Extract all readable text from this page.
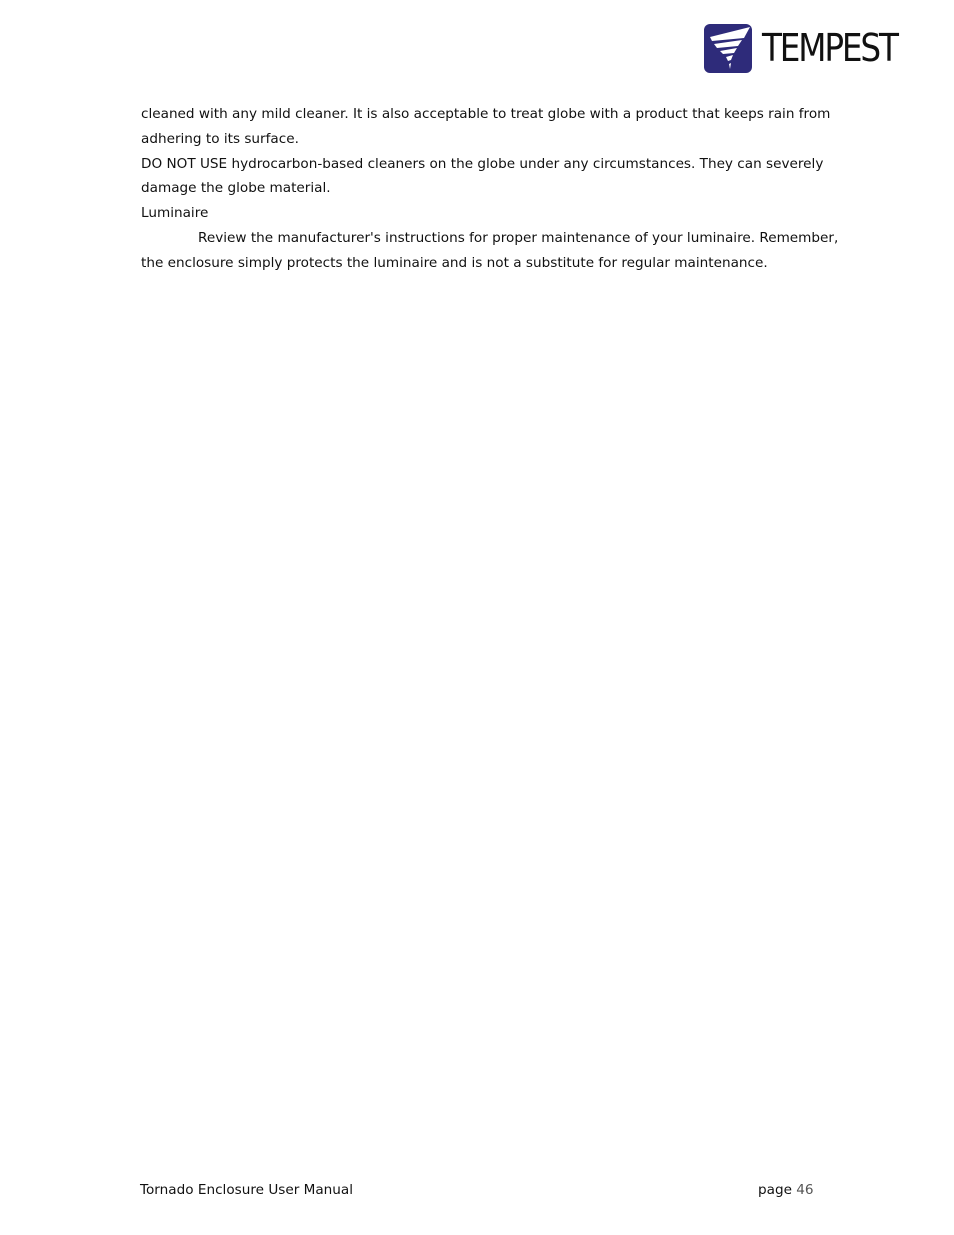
TEMPEST

cleaned with any mild cleaner. It is also acceptable to treat globe with a product that keeps rain from adhering to its surface.

DO NOT USE hydrocarbon-based cleaners on the globe under any circumstances. They can severely damage the globe material.

Luminaire

Review the manufacturer's instructions for proper maintenance of your luminaire. Remember, the enclosure simply protects the luminaire and is not a substitute for regular maintenance.

Tornado Enclosure User Manual	page 46
